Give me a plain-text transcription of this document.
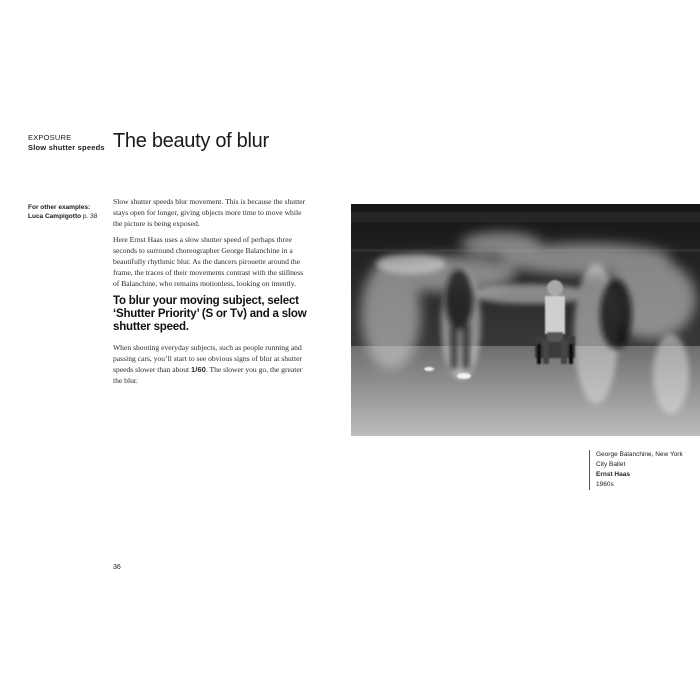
EXPOSURE
Slow shutter speeds The beauty of blur
For other examples:
Luca Campigotto p. 38

Slow shutter speeds blur movement. This is because the shutter stays open for longer, giving objects more time to move while the picture is being exposed.

Here Ernst Haas uses a slow shutter speed of perhaps three seconds to surround choreographer George Balanchine in a beautifully rhythmic blur. As the dancers pirouette around the frame, the traces of their movements contrast with the stillness of Balanchine, who remains motionless, looking on intently.

To blur your moving subject, select ‘Shutter Priority’ (S or Tv) and a slow shutter speed.

When shooting everyday subjects, such as people running and passing cars, you’ll start to see obvious signs of blur at shutter speeds slower than about 1/60. The slower you go, the greater the blur.

George Balanchine, New York
City Ballet
Ernst Haas
1960s
36
